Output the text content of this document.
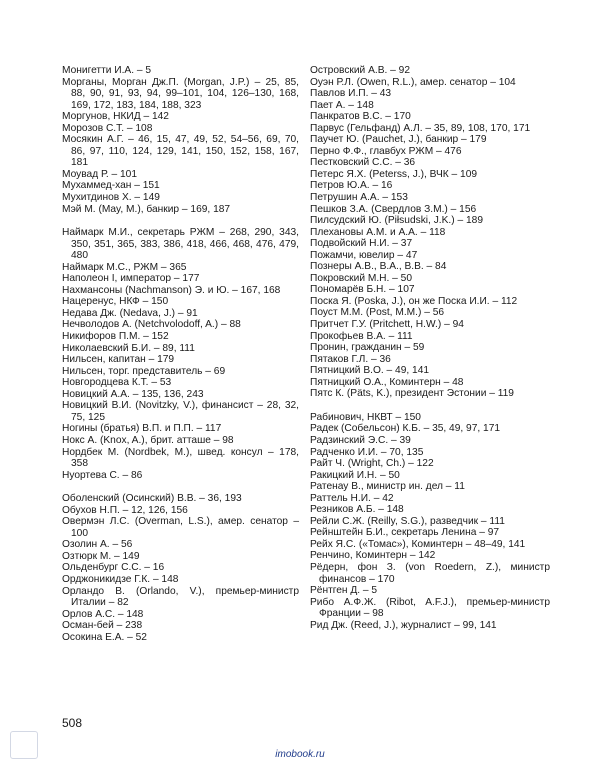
Монигетти И.А. – 5

Морганы, Морган Дж.П. (Morgan, J.P.) – 25, 85, 88, 90, 91, 93, 94, 99–101, 104, 126–130, 168, 169, 172, 183, 184, 188, 323

Моргунов, НКИД – 142

Морозов С.Т. – 108

Мосякин А.Г. – 46, 15, 47, 49, 52, 54–56, 69, 70, 86, 97, 110, 124, 129, 141, 150, 152, 158, 167, 181

Моувад Р. – 101

Мухаммед-хан – 151

Мухитдинов Х. – 149

Мэй М. (May, M.), банкир – 169, 187

Наймарк М.И., секретарь РЖМ – 268, 290, 343, 350, 351, 365, 383, 386, 418, 466, 468, 476, 479, 480

Наймарк М.С., РЖМ – 365

Наполеон I, император – 177

Нахмансоны (Nachmanson) Э. и Ю. – 167, 168

Нацеренус, НКФ – 150

Недава Дж. (Nedava, J.) – 91

Нечволодов А. (Netchvolodoff, A.) – 88

Никифоров П.М. – 152

Николаевский Б.И. – 89, 111

Нильсен, капитан – 179

Нильсен, торг. представитель – 69

Новгородцева К.Т. – 53

Новицкий А.А. – 135, 136, 243

Новицкий В.И. (Novitzky, V.), финансист – 28, 32, 75, 125

Ногины (братья) В.П. и П.П. – 117

Нокс А. (Knox, A.), брит. атташе – 98

Нордбек М. (Nordbek, M.), швед. консул – 178, 358

Нуортева С. – 86

Оболенский (Осинский) В.В. – 36, 193

Обухов Н.П. – 12, 126, 156

Овермэн Л.С. (Overman, L.S.), амер. сенатор – 100

Озолин А. – 56

Озтюрк М. – 149

Ольденбург С.С. – 16

Орджоникидзе Г.К. – 148

Орландо В. (Orlando, V.), премьер-министр Италии – 82

Орлов А.С. – 148

Осман-бей – 238

Осокина Е.А. – 52

Островский А.В. – 92

Оуэн Р.Л. (Owen, R.L.), амер. сенатор – 104

Павлов И.П. – 43

Пает А. – 148

Панкратов В.С. – 170

Парвус (Гельфанд) А.Л. – 35, 89, 108, 170, 171

Паучет Ю. (Pauchet, J.), банкир – 179

Перно Ф.Ф., главбух РЖМ – 476

Пестковский С.С. – 36

Петерс Я.Х. (Peterss, J.), ВЧК – 109

Петров Ю.А. – 16

Петрушин А.А. – 153

Пешков З.А. (Свердлов З.М.) – 156

Пилсудский Ю. (Piłsudski, J.K.) – 189

Плехановы А.М. и А.А. – 118

Подвойский Н.И. – 37

Пожамчи, ювелир – 47

Познеры А.В., В.А., В.В. – 84

Покровский М.Н. – 50

Пономарёв Б.Н. – 107

Поска Я. (Poska, J.), он же Поска И.И. – 112

Поуст М.М. (Post, M.M.) – 56

Притчет Г.У. (Pritchett, H.W.) – 94

Прокофьев В.А. – 111

Пронин, гражданин – 59

Пятаков Г.Л. – 36

Пятницкий В.О. – 49, 141

Пятницкий О.А., Коминтерн – 48

Пятс К. (Päts, K.), президент Эстонии – 119

Рабинович, НКВТ – 150

Радек (Собельсон) К.Б. – 35, 49, 97, 171

Радзинский Э.С. – 39

Радченко И.И. – 70, 135

Райт Ч. (Wright, Ch.) – 122

Ракицкий И.Н. – 50

Ратенау В., министр ин. дел – 11

Раттель Н.И. – 42

Резников А.Б. – 148

Рейли С.Ж. (Reilly, S.G.), разведчик – 111

Рейнштейн Б.И., секретарь Ленина – 97

Рейх Я.С. («Томас»), Коминтерн – 48–49, 141

Ренчино, Коминтерн – 142

Рёдерн, фон З. (von Roedern, Z.), министр финансов – 170

Рёнтген Д. – 5

Рибо А.Ф.Ж. (Ribot, A.F.J.), премьер-министр Франции – 98

Рид Дж. (Reed, J.), журналист – 99, 141

508
imobook.ru
